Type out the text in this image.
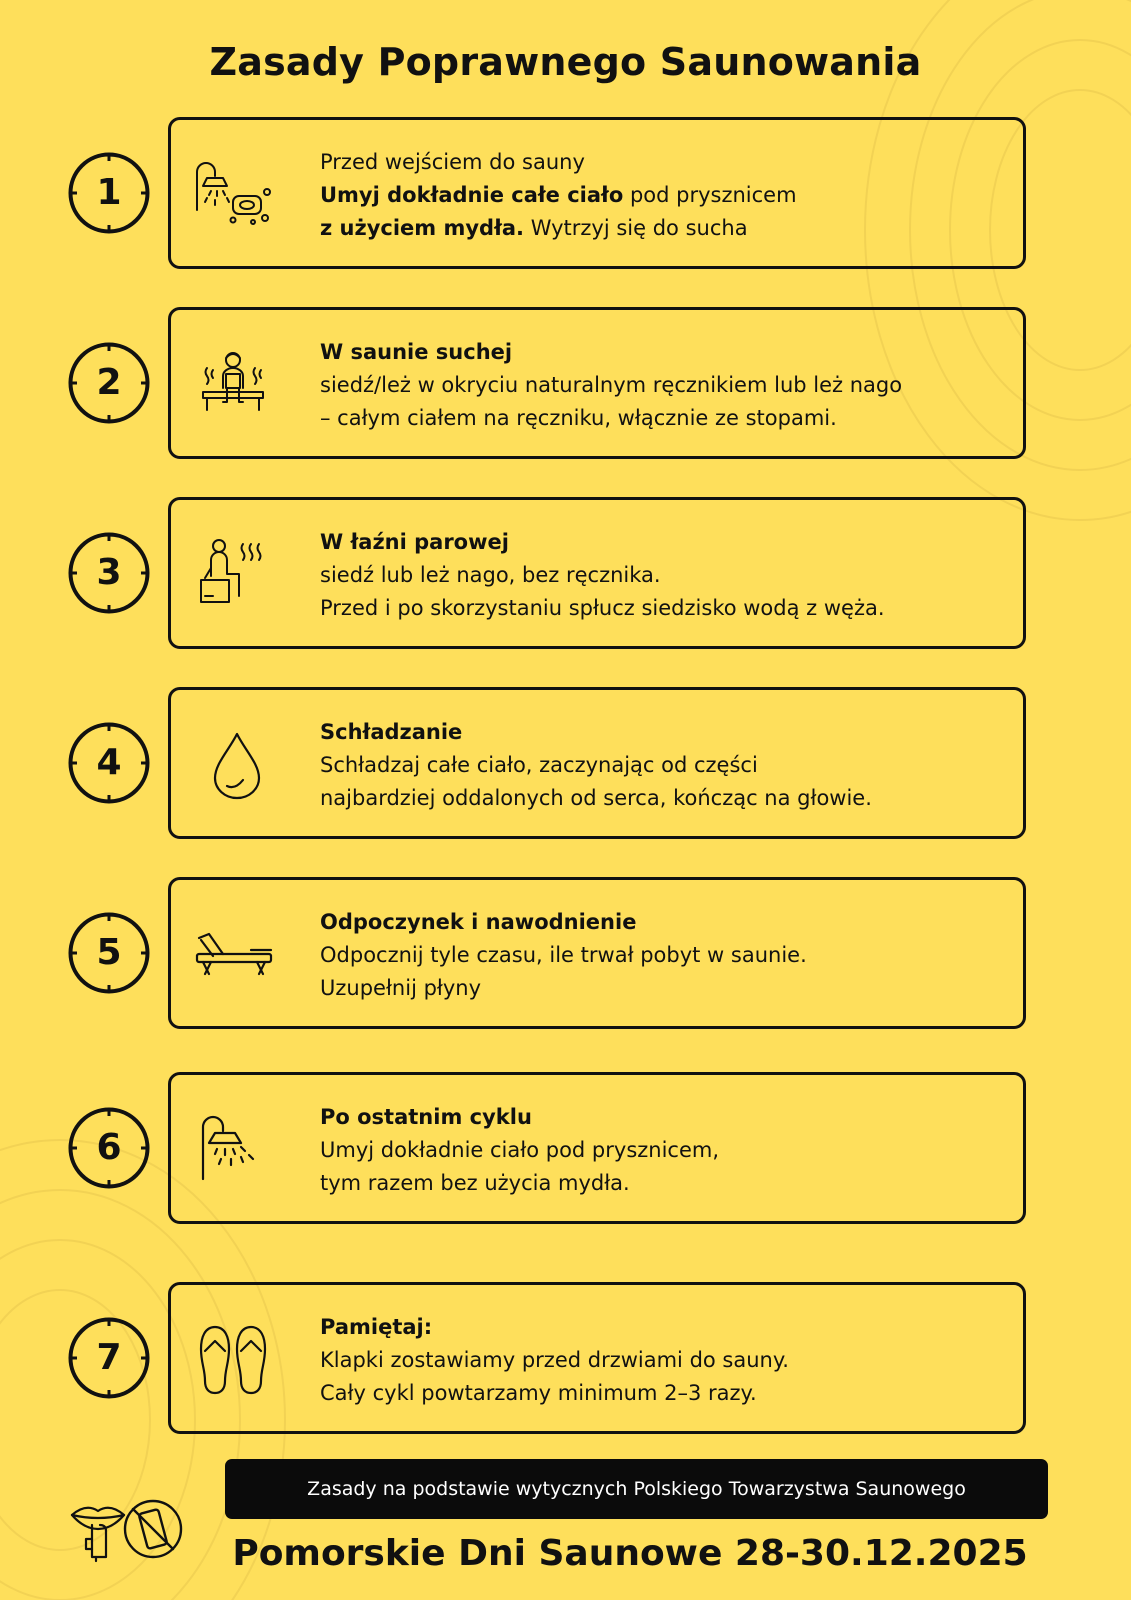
Zasady Poprawnego Saunowania
1
Przed wejściem do sauny
Umyj dokładnie całe ciało pod prysznicem
z użyciem mydła. Wytrzyj się do sucha
2
W saunie suchej
siedź/leż w okryciu naturalnym ręcznikiem lub leż nago
– całym ciałem na ręczniku, włącznie ze stopami.
3
W łaźni parowej
siedź lub leż nago, bez ręcznika.
Przed i po skorzystaniu spłucz siedzisko wodą z węża.
4
Schładzanie
Schładzaj całe ciało, zaczynając od części
najbardziej oddalonych od serca, kończąc na głowie.
5
Odpoczynek i nawodnienie
Odpocznij tyle czasu, ile trwał pobyt w saunie.
Uzupełnij płyny
6
Po ostatnim cyklu
Umyj dokładnie ciało pod prysznicem,
tym razem bez użycia mydła.
7
Pamiętaj:
Klapki zostawiamy przed drzwiami do sauny.
Cały cykl powtarzamy minimum 2–3 razy.
Zasady na podstawie wytycznych Polskiego Towarzystwa Saunowego
Pomorskie Dni Saunowe 28-30.12.2025
